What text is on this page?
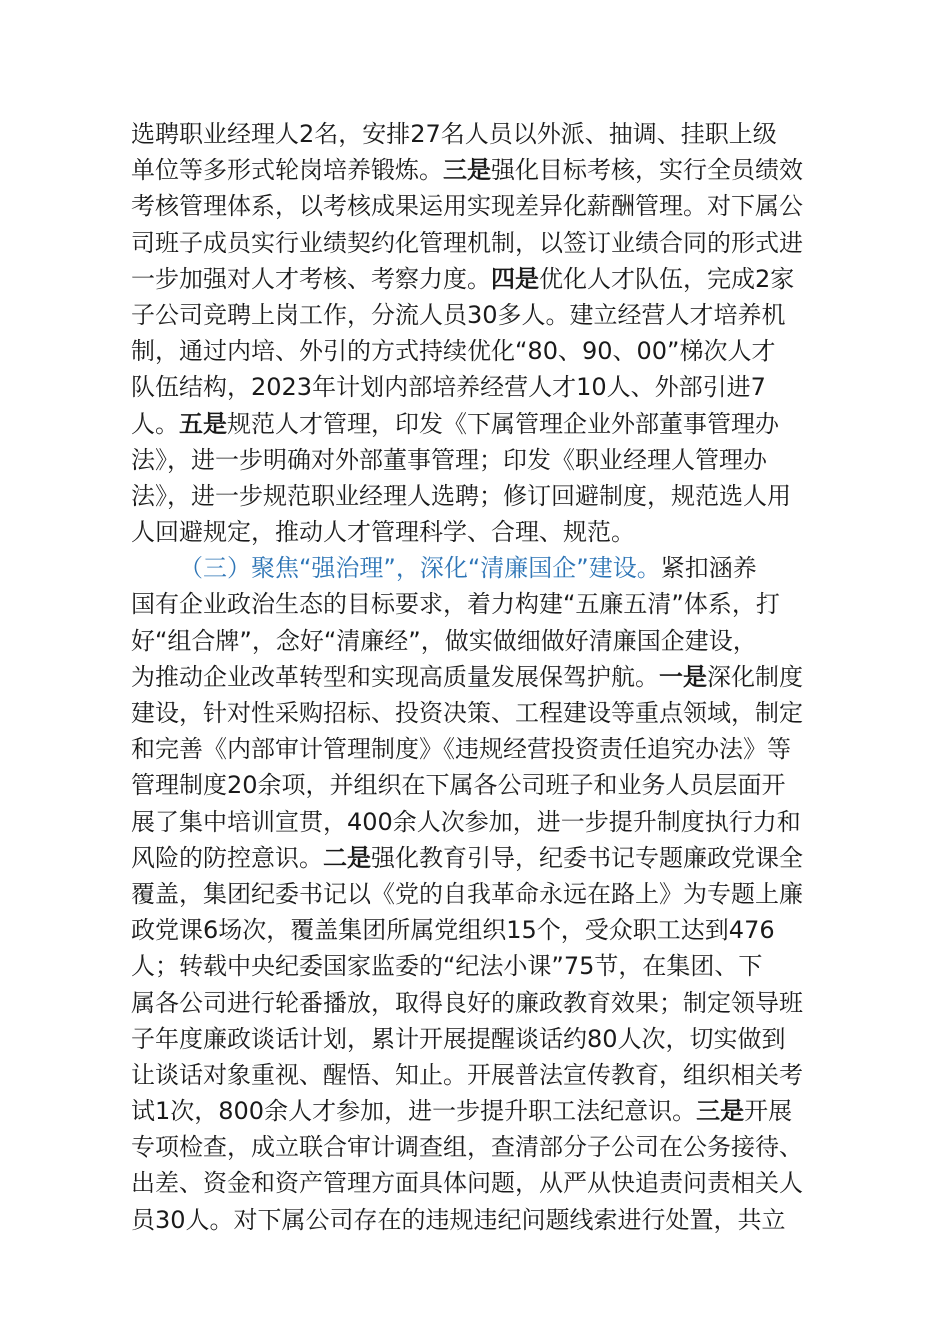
选聘职业经理人2名，安排27名人员以外派、抽调、挂职上级
单位等多形式轮岗培养锻炼。三是强化目标考核，实行全员绩效
考核管理体系，以考核成果运用实现差异化薪酬管理。对下属公
司班子成员实行业绩契约化管理机制，以签订业绩合同的形式进
一步加强对人才考核、考察力度。四是优化人才队伍，完成2家
子公司竞聘上岗工作，分流人员30多人。建立经营人才培养机
制，通过内培、外引的方式持续优化“80、90、00”梯次人才
队伍结构，2023年计划内部培养经营人才10人、外部引进7
人。五是规范人才管理，印发《下属管理企业外部董事管理办
法》，进一步明确对外部董事管理；印发《职业经理人管理办
法》，进一步规范职业经理人选聘；修订回避制度，规范选人用
人回避规定，推动人才管理科学、合理、规范。
（三）聚焦“强治理”，深化“清廉国企”建设。紧扣涵养
国有企业政治生态的目标要求，着力构建“五廉五清”体系，打
好“组合牌”，念好“清廉经”，做实做细做好清廉国企建设，
为推动企业改革转型和实现高质量发展保驾护航。一是深化制度
建设，针对性采购招标、投资决策、工程建设等重点领域，制定
和完善《内部审计管理制度》《违规经营投资责任追究办法》等
管理制度20余项，并组织在下属各公司班子和业务人员层面开
展了集中培训宣贯，400余人次参加，进一步提升制度执行力和
风险的防控意识。二是强化教育引导，纪委书记专题廉政党课全
覆盖，集团纪委书记以《党的自我革命永远在路上》为专题上廉
政党课6场次，覆盖集团所属党组织15个，受众职工达到476
人；转载中央纪委国家监委的“纪法小课”75节，在集团、下
属各公司进行轮番播放，取得良好的廉政教育效果；制定领导班
子年度廉政谈话计划，累计开展提醒谈话约80人次，切实做到
让谈话对象重视、醒悟、知止。开展普法宣传教育，组织相关考
试1次，800余人才参加，进一步提升职工法纪意识。三是开展
专项检查，成立联合审计调查组，查清部分子公司在公务接待、
出差、资金和资产管理方面具体问题，从严从快追责问责相关人
员30人。对下属公司存在的违规违纪问题线索进行处置，共立
